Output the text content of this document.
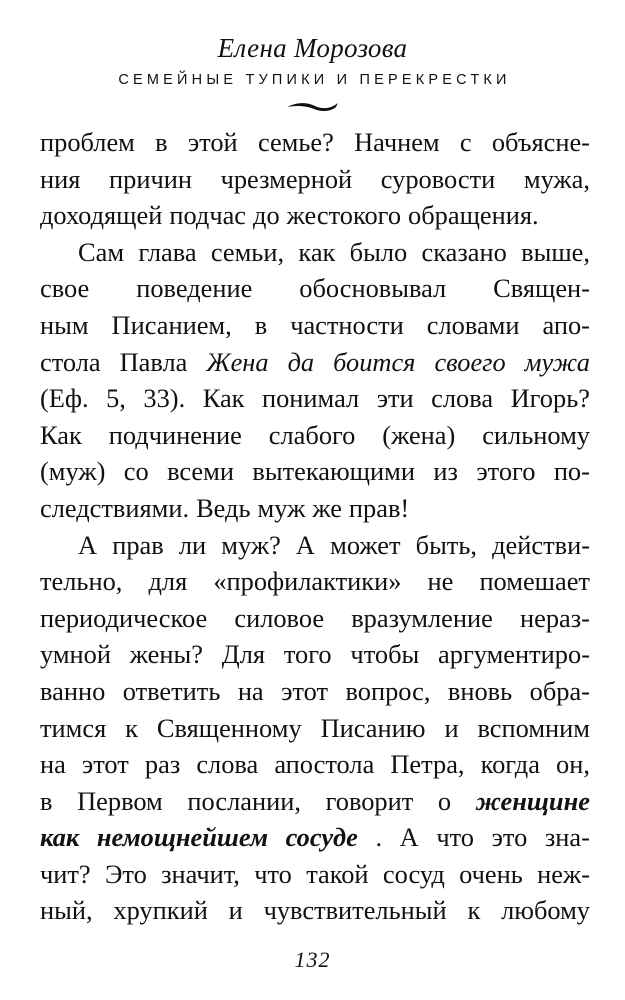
Елена Морозова
СЕМЕЙНЫЕ ТУПИКИ И ПЕРЕКРЕСТКИ
проблем в этой семье? Начнем с объясне-
ния причин чрезмерной суровости мужа,
доходящей подчас до жестокого обращения.
Сам глава семьи, как было сказано выше,
свое поведение обосновывал Священ-
ным Писанием, в частности словами апо-
стола Павла Жена да боится своего мужа
(Еф. 5, 33). Как понимал эти слова Игорь?
Как подчинение слабого (жена) сильному
(муж) со всеми вытекающими из этого по-
следствиями. Ведь муж же прав!
А прав ли муж? А может быть, действи-
тельно, для «профилактики» не помешает
периодическое силовое вразумление нераз-
умной жены? Для того чтобы аргументиро-
ванно ответить на этот вопрос, вновь обра-
тимся к Священному Писанию и вспомним
на этот раз слова апостола Петра, когда он,
в Первом послании, говорит о женщине
как немощнейшем сосуде . А что это зна-
чит? Это значит, что такой сосуд очень неж-
ный, хрупкий и чувствительный к любому
132
